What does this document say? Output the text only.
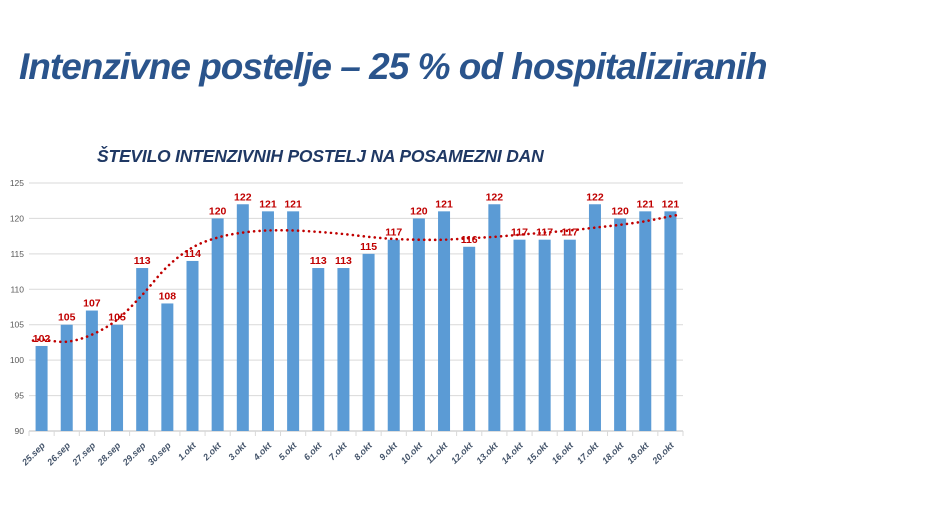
Intenzivne postelje – 25 % od hospitaliziranih
ŠTEVILO INTENZIVNIH POSTELJ NA POSAMEZNI DAN
90
95
100
105
110
115
120
125
102
25.sep
105
26.sep
107
27.sep
105
28.sep
113
29.sep
108
30.sep
114
1.okt
120
2.okt
122
3.okt
121
4.okt
121
5.okt
113
6.okt
113
7.okt
115
8.okt
117
9.okt
120
10.okt
121
11.okt
116
12.okt
122
13.okt
117
14.okt
117
15.okt
117
16.okt
122
17.okt
120
18.okt
121
19.okt
121
20.okt
